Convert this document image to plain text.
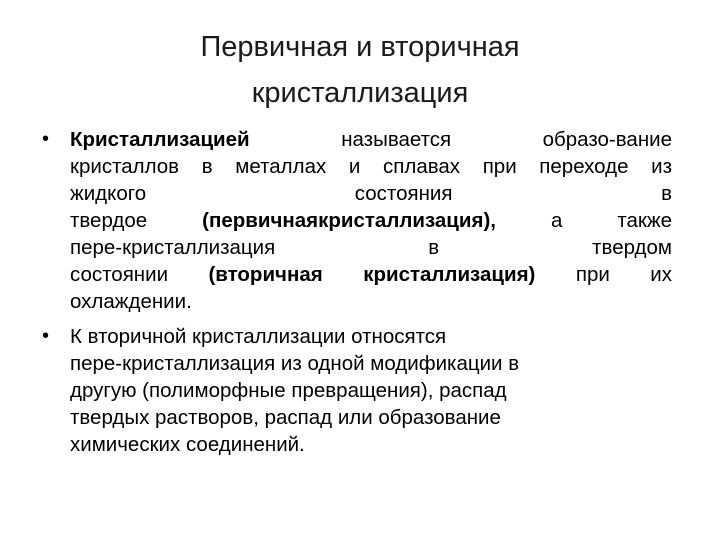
Первичная и вторичная
кристаллизация
•	Кристаллизацией	называется	образо-вание
кристаллов в металлах и сплавах при переходе из
жидкого	состояния	в
твердое	(первичнаякристаллизация),	а	также
пере-кристаллизация	в	твердом
состоянии (вторичная кристаллизация) при их
охлаждении.
•	К вторичной кристаллизации относятся
пере-кристаллизация из одной модификации в
другую (полиморфные превращения), распад
твердых растворов, распад или образование
химических соединений.
